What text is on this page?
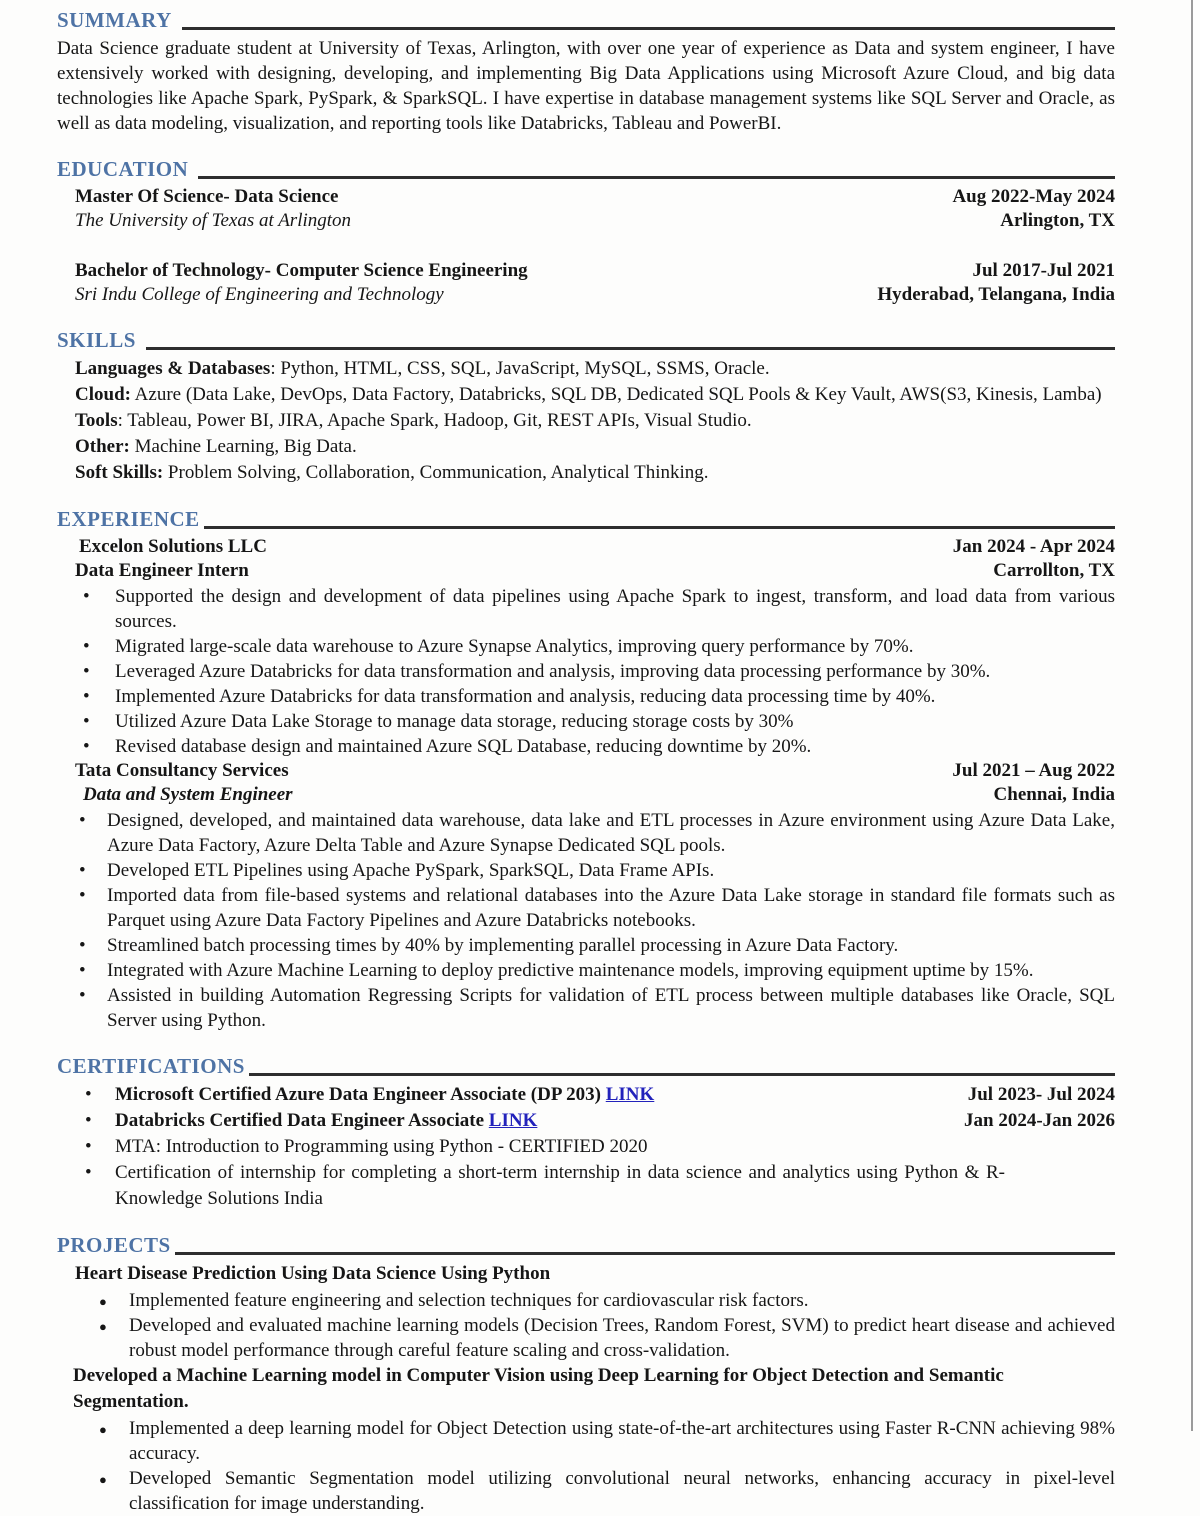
SUMMARY

Data Science graduate student at University of Texas, Arlington, with over one year of experience as Data and system engineer, I have extensively worked with designing, developing, and implementing Big Data Applications using Microsoft Azure Cloud, and big data technologies like Apache Spark, PySpark, & SparkSQL. I have expertise in database management systems like SQL Server and Oracle, as well as data modeling, visualization, and reporting tools like Databricks, Tableau and PowerBI.

EDUCATION
Master Of Science- Data Science	Aug 2022-May 2024
The University of Texas at Arlington	Arlington, TX
Bachelor of Technology- Computer Science Engineering	Jul 2017-Jul 2021
Sri Indu College of Engineering and Technology	Hyderabad, Telangana, India
SKILLS
Languages & Databases: Python, HTML, CSS, SQL, JavaScript, MySQL, SSMS, Oracle.
Cloud: Azure (Data Lake, DevOps, Data Factory, Databricks, SQL DB, Dedicated SQL Pools & Key Vault, AWS(S3, Kinesis, Lamba)
Tools: Tableau, Power BI, JIRA, Apache Spark, Hadoop, Git, REST APIs, Visual Studio.
Other: Machine Learning, Big Data.
Soft Skills: Problem Solving, Collaboration, Communication, Analytical Thinking.
EXPERIENCE
Excelon Solutions LLC	Jan 2024 - Apr 2024
Data Engineer Intern	Carrollton, TX
• Supported the design and development of data pipelines using Apache Spark to ingest, transform, and load data from various sources.
• Migrated large-scale data warehouse to Azure Synapse Analytics, improving query performance by 70%.
• Leveraged Azure Databricks for data transformation and analysis, improving data processing performance by 30%.
• Implemented Azure Databricks for data transformation and analysis, reducing data processing time by 40%.
• Utilized Azure Data Lake Storage to manage data storage, reducing storage costs by 30%
• Revised database design and maintained Azure SQL Database, reducing downtime by 20%.
Tata Consultancy Services	Jul 2021 – Aug 2022
Data and System Engineer	Chennai, India
• Designed, developed, and maintained data warehouse, data lake and ETL processes in Azure environment using Azure Data Lake, Azure Data Factory, Azure Delta Table and Azure Synapse Dedicated SQL pools.
• Developed ETL Pipelines using Apache PySpark, SparkSQL, Data Frame APIs.
• Imported data from file-based systems and relational databases into the Azure Data Lake storage in standard file formats such as Parquet using Azure Data Factory Pipelines and Azure Databricks notebooks.
• Streamlined batch processing times by 40% by implementing parallel processing in Azure Data Factory.
• Integrated with Azure Machine Learning to deploy predictive maintenance models, improving equipment uptime by 15%.
• Assisted in building Automation Regressing Scripts for validation of ETL process between multiple databases like Oracle, SQL Server using Python.
CERTIFICATIONS
• Microsoft Certified Azure Data Engineer Associate (DP 203) LINK	Jul 2023- Jul 2024
• Databricks Certified Data Engineer Associate LINK	Jan 2024-Jan 2026
• MTA: Introduction to Programming using Python - CERTIFIED 2020
• Certification of internship for completing a short-term internship in data science and analytics using Python & R- Knowledge Solutions India
PROJECTS
Heart Disease Prediction Using Data Science Using Python
● Implemented feature engineering and selection techniques for cardiovascular risk factors.
● Developed and evaluated machine learning models (Decision Trees, Random Forest, SVM) to predict heart disease and achieved robust model performance through careful feature scaling and cross-validation.
Developed a Machine Learning model in Computer Vision using Deep Learning for Object Detection and Semantic Segmentation.
● Implemented a deep learning model for Object Detection using state-of-the-art architectures using Faster R-CNN achieving 98% accuracy.
● Developed Semantic Segmentation model utilizing convolutional neural networks, enhancing accuracy in pixel-level classification for image understanding.
